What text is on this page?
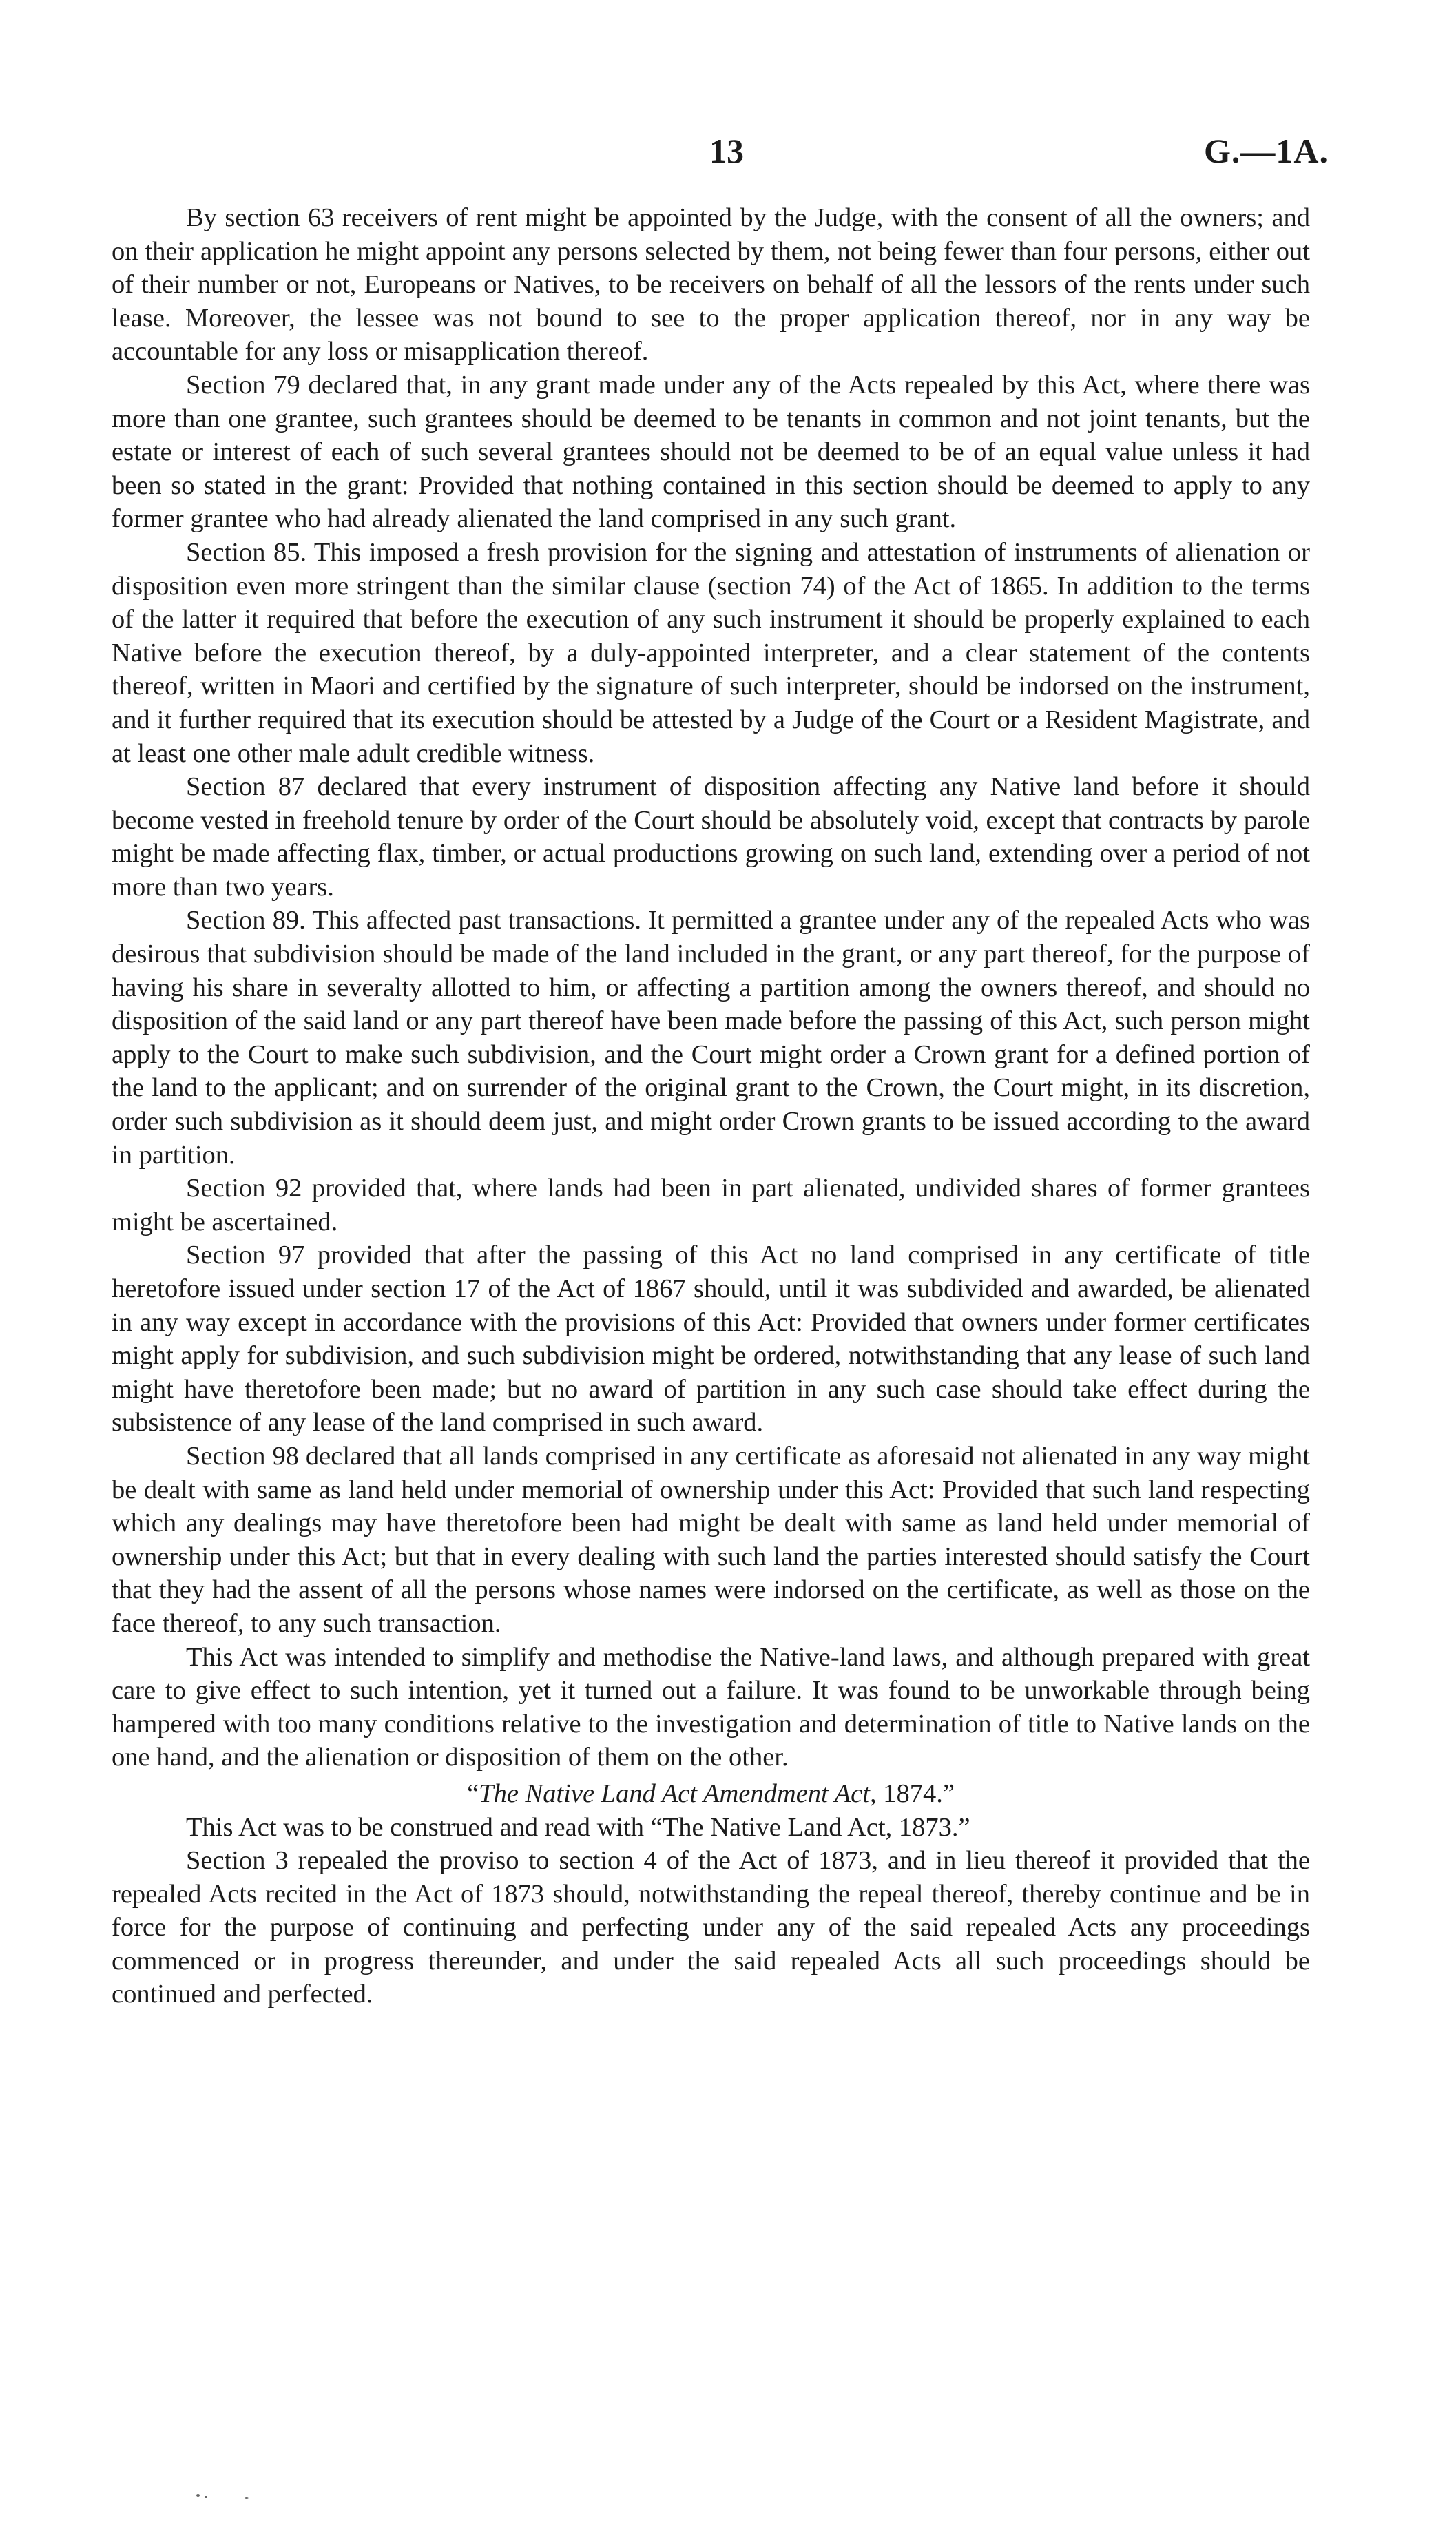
13	G.—1A.

By section 63 receivers of rent might be appointed by the Judge, with the consent of all the owners; and on their application he might appoint any persons selected by them, not being fewer than four persons, either out of their number or not, Europeans or Natives, to be receivers on behalf of all the lessors of the rents under such lease. Moreover, the lessee was not bound to see to the proper application thereof, nor in any way be accountable for any loss or misapplication thereof.

Section 79 declared that, in any grant made under any of the Acts repealed by this Act, where there was more than one grantee, such grantees should be deemed to be tenants in common and not joint tenants, but the estate or interest of each of such several grantees should not be deemed to be of an equal value unless it had been so stated in the grant: Provided that nothing contained in this section should be deemed to apply to any former grantee who had already alienated the land comprised in any such grant.

Section 85. This imposed a fresh provision for the signing and attestation of instruments of alienation or disposition even more stringent than the similar clause (section 74) of the Act of 1865. In addition to the terms of the latter it required that before the execution of any such instrument it should be properly explained to each Native before the execution thereof, by a duly-appointed interpreter, and a clear statement of the contents thereof, written in Maori and certified by the signature of such interpreter, should be indorsed on the instrument, and it further required that its execution should be attested by a Judge of the Court or a Resident Magistrate, and at least one other male adult credible witness.

Section 87 declared that every instrument of disposition affecting any Native land before it should become vested in freehold tenure by order of the Court should be absolutely void, except that contracts by parole might be made affecting flax, timber, or actual productions growing on such land, extending over a period of not more than two years.

Section 89. This affected past transactions. It permitted a grantee under any of the repealed Acts who was desirous that subdivision should be made of the land included in the grant, or any part thereof, for the purpose of having his share in severalty allotted to him, or affecting a partition among the owners thereof, and should no disposition of the said land or any part thereof have been made before the passing of this Act, such person might apply to the Court to make such subdivision, and the Court might order a Crown grant for a defined portion of the land to the applicant; and on surrender of the original grant to the Crown, the Court might, in its discretion, order such subdivision as it should deem just, and might order Crown grants to be issued according to the award in partition.

Section 92 provided that, where lands had been in part alienated, undivided shares of former grantees might be ascertained.

Section 97 provided that after the passing of this Act no land comprised in any certificate of title heretofore issued under section 17 of the Act of 1867 should, until it was subdivided and awarded, be alienated in any way except in accordance with the provisions of this Act: Provided that owners under former certificates might apply for subdivision, and such subdivision might be ordered, notwithstanding that any lease of such land might have theretofore been made; but no award of partition in any such case should take effect during the subsistence of any lease of the land comprised in such award.

Section 98 declared that all lands comprised in any certificate as aforesaid not alienated in any way might be dealt with same as land held under memorial of ownership under this Act: Provided that such land respecting which any dealings may have theretofore been had might be dealt with same as land held under memorial of ownership under this Act; but that in every dealing with such land the parties interested should satisfy the Court that they had the assent of all the persons whose names were indorsed on the certificate, as well as those on the face thereof, to any such transaction.

This Act was intended to simplify and methodise the Native-land laws, and although prepared with great care to give effect to such intention, yet it turned out a failure. It was found to be unworkable through being hampered with too many conditions relative to the investigation and determination of title to Native lands on the one hand, and the alienation or disposition of them on the other.

“The Native Land Act Amendment Act, 1874.”

This Act was to be construed and read with “The Native Land Act, 1873.”

Section 3 repealed the proviso to section 4 of the Act of 1873, and in lieu thereof it provided that the repealed Acts recited in the Act of 1873 should, notwithstanding the repeal thereof, thereby continue and be in force for the purpose of continuing and perfecting under any of the said repealed Acts any proceedings commenced or in progress thereunder, and under the said repealed Acts all such proceedings should be continued and perfected.
